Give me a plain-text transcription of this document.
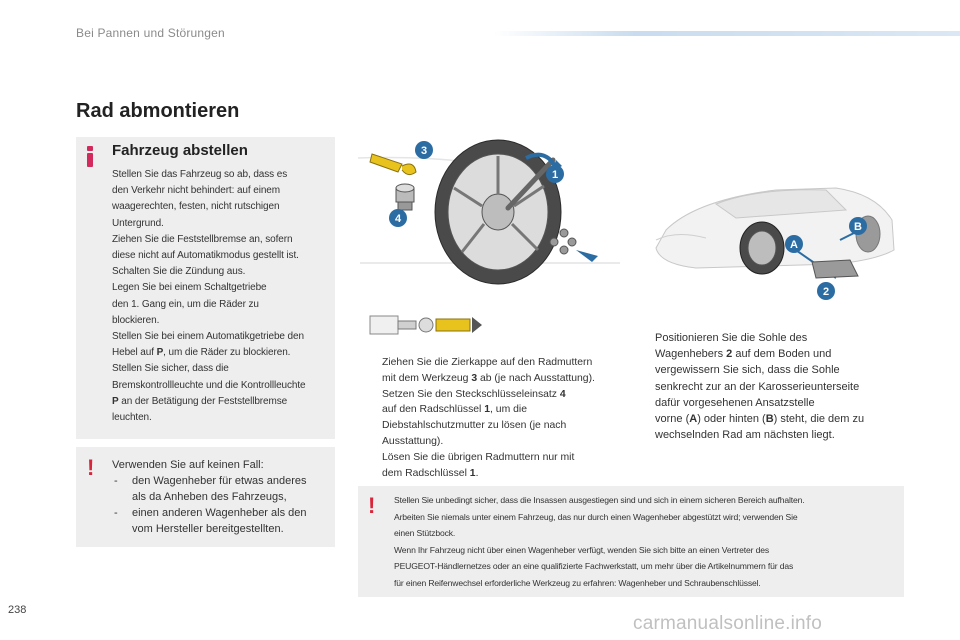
Bei Pannen und Störungen
Rad abmontieren
Fahrzeug abstellen

Stellen Sie das Fahrzeug so ab, dass es

den Verkehr nicht behindert: auf einem

waagerechten, festen, nicht rutschigen

Untergrund.

Ziehen Sie die Feststellbremse an, sofern

diese nicht auf Automatikmodus gestellt ist.

Schalten Sie die Zündung aus.

Legen Sie bei einem Schaltgetriebe

den 1. Gang ein, um die Räder zu

blockieren.

Stellen Sie bei einem Automatikgetriebe den

Hebel auf P, um die Räder zu blockieren.

Stellen Sie sicher, dass die

Bremskontrollleuchte und die Kontrollleuchte

P an der Betätigung der Feststellbremse

leuchten.

! Verwenden Sie auf keinen Fall:
-	den Wagenheber für etwas anderes
als da Anheben des Fahrzeugs,
-	einen anderen Wagenheber als den
vom Hersteller bereitgestellten.
3
1
4
A
B
2
Ziehen Sie die Zierkappe auf den Radmuttern
mit dem Werkzeug 3 ab (je nach Ausstattung).
Setzen Sie den Steckschlüsseleinsatz 4
auf den Radschlüssel 1, um die
Diebstahlschutzmutter zu lösen (je nach
Ausstattung).
Lösen Sie die übrigen Radmuttern nur mit
dem Radschlüssel 1.
Positionieren Sie die Sohle des
Wagenhebers 2 auf dem Boden und
vergewissern Sie sich, dass die Sohle
senkrecht zur an der Karosserieunterseite
dafür vorgesehenen Ansatzstelle
vorne (A) oder hinten (B) steht, die dem zu
wechselnden Rad am nächsten liegt.
! Stellen Sie unbedingt sicher, dass die Insassen ausgestiegen sind und sich in einem sicheren Bereich aufhalten.

Arbeiten Sie niemals unter einem Fahrzeug, das nur durch einen Wagenheber abgestützt wird; verwenden Sie

einen Stützbock.

Wenn Ihr Fahrzeug nicht über einen Wagenheber verfügt, wenden Sie sich bitte an einen Vertreter des

PEUGEOT-Händlernetzes oder an eine qualifizierte Fachwerkstatt, um mehr über die Artikelnummern für das

für einen Reifenwechsel erforderliche Werkzeug zu erfahren: Wagenheber und Schraubenschlüssel.

238
carmanualsonline.info
